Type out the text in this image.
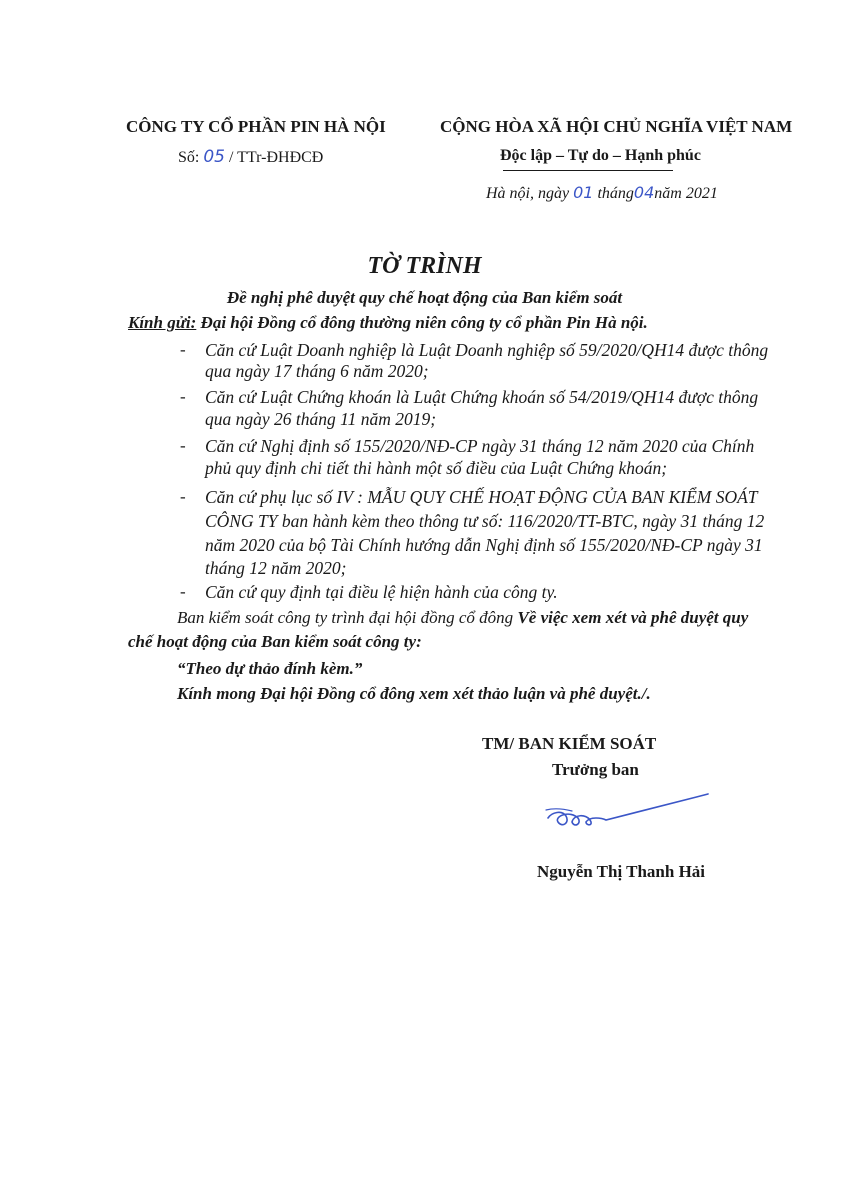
CÔNG TY CỔ PHẦN PIN HÀ NỘI
Số: 05 / TTr-ĐHĐCĐ
CỘNG HÒA XÃ HỘI CHỦ NGHĨA VIỆT NAM
Độc lập – Tự do – Hạnh phúc
Hà nội, ngày 01 tháng04năm 2021
TỜ TRÌNH
Đề nghị phê duyệt quy chế hoạt động của Ban kiểm soát
Kính gửi: Đại hội Đồng cổ đông thường niên công ty cổ phần Pin Hà nội.
- Căn cứ Luật Doanh nghiệp là Luật Doanh nghiệp số 59/2020/QH14 được thông
qua ngày 17 tháng 6 năm 2020;
- Căn cứ Luật Chứng khoán là Luật Chứng khoán số 54/2019/QH14 được thông
qua ngày 26 tháng 11 năm 2019;
- Căn cứ Nghị định số 155/2020/NĐ-CP ngày 31 tháng 12 năm 2020 của Chính
phủ quy định chi tiết thi hành một số điều của Luật Chứng khoán;
- Căn cứ phụ lục số IV : MẪU QUY CHẾ HOẠT ĐỘNG CỦA BAN KIỂM SOÁT
CÔNG TY ban hành kèm theo thông tư số: 116/2020/TT-BTC, ngày 31 tháng 12
năm 2020 của bộ Tài Chính hướng dẫn Nghị định số 155/2020/NĐ-CP ngày 31
tháng 12 năm 2020;
- Căn cứ quy định tại điều lệ hiện hành của công ty.
Ban kiểm soát công ty trình đại hội đồng cổ đông Về việc xem xét và phê duyệt quy
chế hoạt động của Ban kiểm soát công ty:
“Theo dự thảo đính kèm.”
Kính mong Đại hội Đồng cổ đông xem xét thảo luận và phê duyệt./.
TM/ BAN KIỂM SOÁT
Trưởng ban
Nguyễn Thị Thanh Hải
